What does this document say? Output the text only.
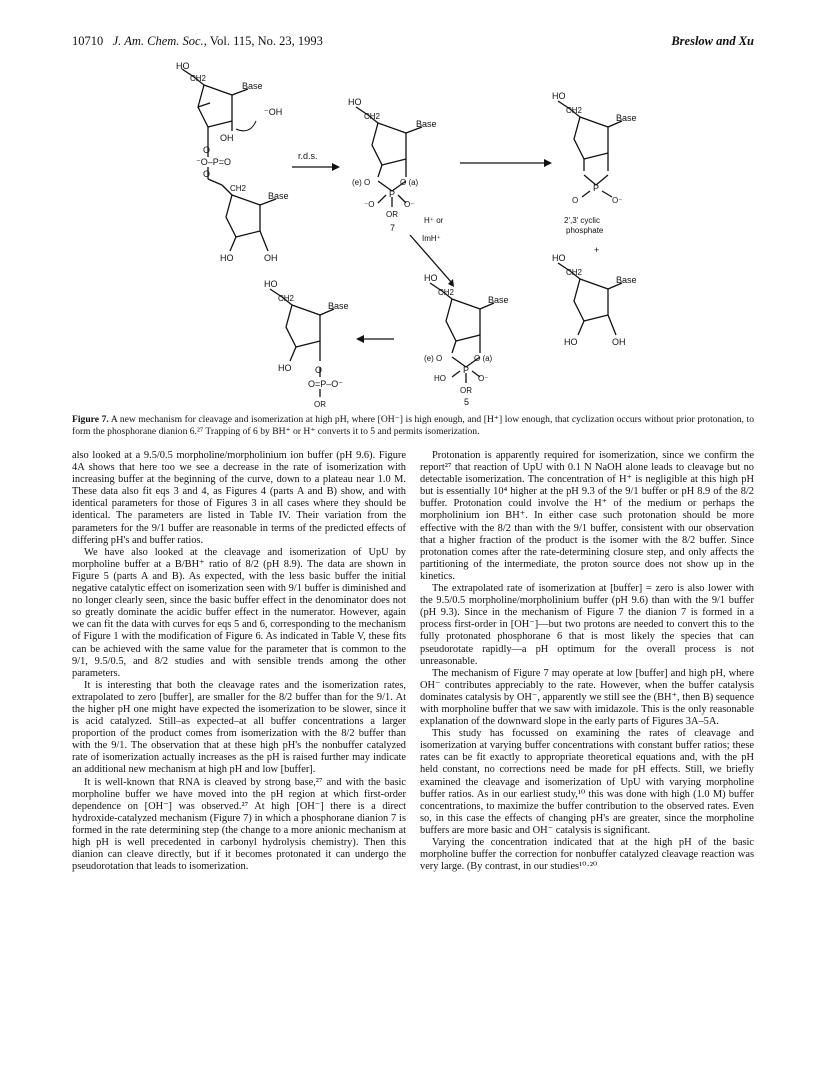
10710 J. Am. Chem. Soc., Vol. 115, No. 23, 1993	Breslow and Xu
HO
CH2
Base
⁻OH
OH
O
⁻O–P=O
O
CH2
Base
HO	OH
r.d.s.
HO
CH2
Base
(e) O	O (a)
P
⁻O	O⁻
OR
7
HO
CH2
Base
P
O	O⁻
2',3' cyclic
phosphate
+
HO
CH2
Base
HO	OH
H⁺ or
ImH⁺
HO
CH2
Base
(e) O	O (a)
P
HO	O⁻
OR
5
HO
CH2
Base
HO	O
O=P–O⁻
OR
Figure 7. A new mechanism for cleavage and isomerization at high pH, where [OH⁻] is high enough, and [H⁺] low enough, that cyclization occurs without prior protonation, to form the phosphorane dianion 6.²⁷ Trapping of 6 by BH⁺ or H⁺ converts it to 5 and permits isomerization.

also looked at a 9.5/0.5 morpholine/morpholinium ion buffer (pH 9.6). Figure 4A shows that here too we see a decrease in the rate of isomerization with increasing buffer at the beginning of the curve, down to a plateau near 1.0 M. These data also fit eqs 3 and 4, as Figures 4 (parts A and B) show, and with identical parameters for those of Figures 3 in all cases where they should be identical. The parameters are listed in Table IV. Their variation from the parameters for the 9/1 buffer are reasonable in terms of the predicted effects of differing pH's and buffer ratios.

We have also looked at the cleavage and isomerization of UpU by morpholine buffer at a B/BH⁺ ratio of 8/2 (pH 8.9). The data are shown in Figure 5 (parts A and B). As expected, with the less basic buffer the initial negative catalytic effect on isomerization seen with 9/1 buffer is diminished and no longer clearly seen, since the basic buffer effect in the denominator does not so greatly dominate the acidic buffer effect in the numerator. However, again we can fit the data with curves for eqs 5 and 6, corresponding to the mechanism of Figure 1 with the modification of Figure 6. As indicated in Table V, these fits can be achieved with the same value for the parameter that is common to the 9/1, 9.5/0.5, and 8/2 studies and with sensible trends among the other parameters.

It is interesting that both the cleavage rates and the isomerization rates, extrapolated to zero [buffer], are smaller for the 8/2 buffer than for the 9/1. At the higher pH one might have expected the isomerization to be slower, since it is acid catalyzed. Still–as expected–at all buffer concentrations a larger proportion of the product comes from isomerization with the 8/2 buffer than with the 9/1. The observation that at these high pH's the nonbuffer catalyzed rate of isomerization actually increases as the pH is raised further may indicate an additional new mechanism at high pH and low [buffer].

It is well-known that RNA is cleaved by strong base,²⁷ and with the basic morpholine buffer we have moved into the pH region at which first-order dependence on [OH⁻] was observed.²⁷ At high [OH⁻] there is a direct hydroxide-catalyzed mechanism (Figure 7) in which a phosphorane dianion 7 is formed in the rate determining step (the change to a more anionic mechanism at high pH is well precedented in carbonyl hydrolysis chemistry). Then this dianion can cleave directly, but if it becomes protonated it can undergo the pseudorotation that leads to isomerization.

Protonation is apparently required for isomerization, since we confirm the report²⁷ that reaction of UpU with 0.1 N NaOH alone leads to cleavage but no detectable isomerization. The concentration of H⁺ is negligible at this high pH but is essentially 10⁴ higher at the pH 9.3 of the 9/1 buffer or pH 8.9 of the 8/2 buffer. Protonation could involve the H⁺ of the medium or perhaps the morpholinium ion BH⁺. In either case such protonation should be more effective with the 8/2 than with the 9/1 buffer, consistent with our observation that a higher fraction of the product is the isomer with the 8/2 buffer. Since protonation comes after the rate-determining closure step, and only affects the partitioning of the intermediate, the proton source does not show up in the kinetics.

The extrapolated rate of isomerization at [buffer] = zero is also lower with the 9.5/0.5 morpholine/morpholinium buffer (pH 9.6) than with the 9/1 buffer (pH 9.3). Since in the mechanism of Figure 7 the dianion 7 is formed in a process first-order in [OH⁻]—but two protons are needed to convert this to the fully protonated phosphorane 6 that is most likely the species that can pseudorotate rapidly—a pH optimum for the overall process is not unreasonable.

The mechanism of Figure 7 may operate at low [buffer] and high pH, where OH⁻ contributes appreciably to the rate. However, when the buffer catalysis dominates catalysis by OH⁻, apparently we still see the (BH⁺, then B) sequence with morpholine buffer that we saw with imidazole. This is the only reasonable explanation of the downward slope in the early parts of Figures 3A–5A.

This study has focussed on examining the rates of cleavage and isomerization at varying buffer concentrations with constant buffer ratios; these rates can be fit exactly to appropriate theoretical equations and, with the pH held constant, no corrections need be made for pH effects. Still, we briefly examined the cleavage and isomerization of UpU with varying morpholine buffer ratios. As in our earliest study,¹⁰ this was done with high (1.0 M) buffer concentrations, to maximize the buffer contribution to the observed rates. Even so, in this case the effects of changing pH's are greater, since the morpholine buffers are more basic and OH⁻ catalysis is significant.

Varying the concentration indicated that at the high pH of the basic morpholine buffer the correction for nonbuffer catalyzed cleavage reaction was very large. (By contrast, in our studies¹⁰·²⁰
